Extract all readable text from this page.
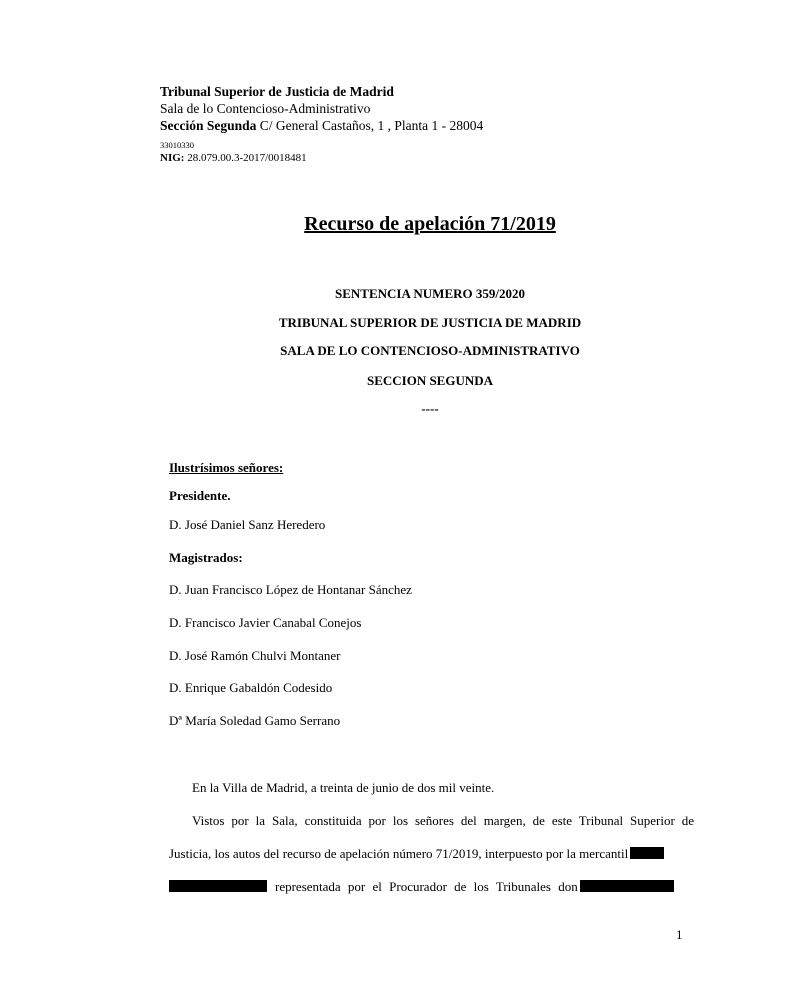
Tribunal Superior de Justicia de Madrid
Sala de lo Contencioso-Administrativo
Sección Segunda C/ General Castaños, 1 , Planta 1 - 28004
33010330
NIG: 28.079.00.3-2017/0018481
Recurso de apelación 71/2019
SENTENCIA NUMERO 359/2020
TRIBUNAL SUPERIOR DE JUSTICIA DE MADRID
SALA DE LO CONTENCIOSO-ADMINISTRATIVO
SECCION SEGUNDA
----
Ilustrísimos señores:
Presidente.
D. José Daniel Sanz Heredero
Magistrados:
D. Juan Francisco López de Hontanar Sánchez
D. Francisco Javier Canabal Conejos
D. José Ramón Chulvi Montaner
D. Enrique Gabaldón Codesido
Dª María Soledad Gamo Serrano
En la Villa de Madrid, a treinta de junio de dos mil veinte.
Vistos por la Sala, constituida por los señores del margen, de este Tribunal Superior de
Justicia, los autos del recurso de apelación número 71/2019, interpuesto por la mercantil
representada por el Procurador de los Tribunales don
1
